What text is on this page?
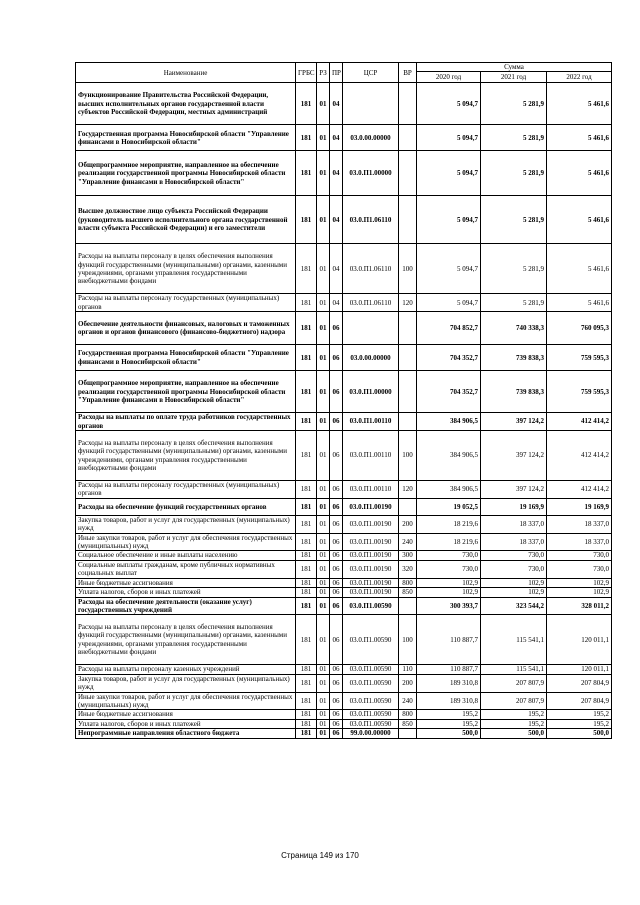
Наименование	ГРБС	РЗ	ПР	ЦСР	ВР	Сумма		
						2020 год	2021 год	2022 год
Функционирование Правительства Российской Федерации, высших исполнительных органов государственной власти субъектов Российской Федерации, местных администраций	181	01	04			5 094,7	5 281,9	5 461,6
Государственная программа Новосибирской области "Управление финансами в Новосибирской области"	181	01	04	03.0.00.00000		5 094,7	5 281,9	5 461,6
Общепрограммное мероприятие, направленное на обеспечение реализации государственной программы Новосибирской области "Управление финансами в Новосибирской области"	181	01	04	03.0.П1.00000		5 094,7	5 281,9	5 461,6
Высшее должностное лицо субъекта Российской Федерации (руководитель высшего исполнительного органа государственной власти субъекта Российской Федерации) и его заместители	181	01	04	03.0.П1.06110		5 094,7	5 281,9	5 461,6
Расходы на выплаты персоналу в целях обеспечения выполнения функций государственными (муниципальными) органами, казенными учреждениями, органами управления государственными внебюджетными фондами	181	01	04	03.0.П1.06110	100	5 094,7	5 281,9	5 461,6
Расходы на выплаты персоналу государственных (муниципальных) органов	181	01	04	03.0.П1.06110	120	5 094,7	5 281,9	5 461,6
Обеспечение деятельности финансовых, налоговых и таможенных органов и органов финансового (финансово-бюджетного) надзора	181	01	06			704 852,7	740 338,3	760 095,3
Государственная программа Новосибирской области "Управление финансами в Новосибирской области"	181	01	06	03.0.00.00000		704 352,7	739 838,3	759 595,3
Общепрограммное мероприятие, направленное на обеспечение реализации государственной программы Новосибирской области "Управление финансами в Новосибирской области"	181	01	06	03.0.П1.00000		704 352,7	739 838,3	759 595,3
Расходы на выплаты по оплате труда работников государственных органов	181	01	06	03.0.П1.00110		384 906,5	397 124,2	412 414,2
Расходы на выплаты персоналу в целях обеспечения выполнения функций государственными (муниципальными) органами, казенными учреждениями, органами управления государственными внебюджетными фондами	181	01	06	03.0.П1.00110	100	384 906,5	397 124,2	412 414,2
Расходы на выплаты персоналу государственных (муниципальных) органов	181	01	06	03.0.П1.00110	120	384 906,5	397 124,2	412 414,2
Расходы на обеспечение функций государственных органов	181	01	06	03.0.П1.00190		19 052,5	19 169,9	19 169,9
Закупка товаров, работ и услуг для государственных (муниципальных) нужд	181	01	06	03.0.П1.00190	200	18 219,6	18 337,0	18 337,0
Иные закупки товаров, работ и услуг для обеспечения государственных (муниципальных) нужд	181	01	06	03.0.П1.00190	240	18 219,6	18 337,0	18 337,0
Социальное обеспечение и иные выплаты населению	181	01	06	03.0.П1.00190	300	730,0	730,0	730,0
Социальные выплаты гражданам, кроме публичных нормативных социальных выплат	181	01	06	03.0.П1.00190	320	730,0	730,0	730,0
Иные бюджетные ассигнования	181	01	06	03.0.П1.00190	800	102,9	102,9	102,9
Уплата налогов, сборов и иных платежей	181	01	06	03.0.П1.00190	850	102,9	102,9	102,9
Расходы на обеспечение деятельности (оказание услуг) государственных учреждений	181	01	06	03.0.П1.00590		300 393,7	323 544,2	328 011,2
Расходы на выплаты персоналу в целях обеспечения выполнения функций государственными (муниципальными) органами, казенными учреждениями, органами управления государственными внебюджетными фондами	181	01	06	03.0.П1.00590	100	110 887,7	115 541,1	120 011,1
Расходы на выплаты персоналу казенных учреждений	181	01	06	03.0.П1.00590	110	110 887,7	115 541,1	120 011,1
Закупка товаров, работ и услуг для государственных (муниципальных) нужд	181	01	06	03.0.П1.00590	200	189 310,8	207 807,9	207 804,9
Иные закупки товаров, работ и услуг для обеспечения государственных (муниципальных) нужд	181	01	06	03.0.П1.00590	240	189 310,8	207 807,9	207 804,9
Иные бюджетные ассигнования	181	01	06	03.0.П1.00590	800	195,2	195,2	195,2
Уплата налогов, сборов и иных платежей	181	01	06	03.0.П1.00590	850	195,2	195,2	195,2
Непрограммные направления областного бюджета	181	01	06	99.0.00.00000		500,0	500,0	500,0
Страница 149 из 170
